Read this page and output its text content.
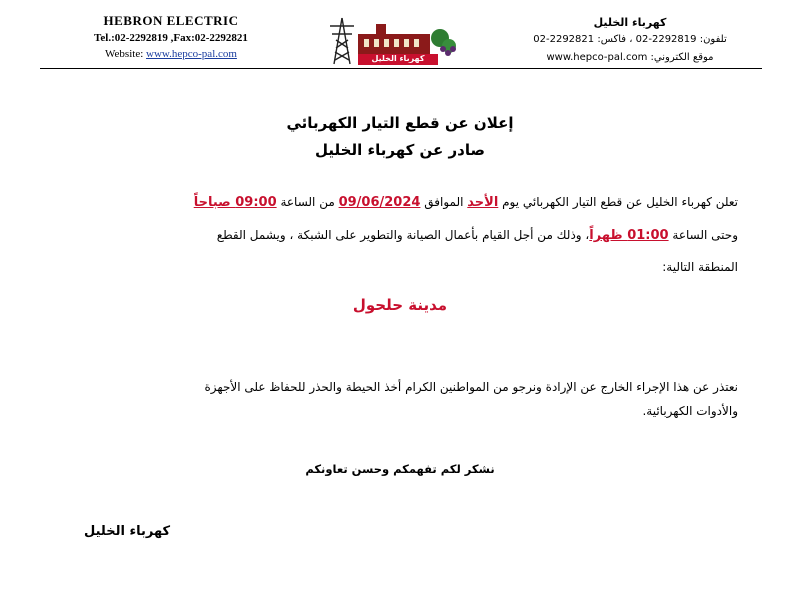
HEBRON ELECTRIC
Tel.:02-2292819 ,Fax:02-2292821
Website: www.hepco-pal.com	كهرباء الخليل
كهرباء الخليل
تلفون: 2292819-02 ، فاكس: 2292821-02
موقع الكتروني: www.hepco-pal.com
إعلان عن قطع التيار الكهربائي
صادر عن كهرباء الخليل
تعلن كهرباء الخليل عن قطع التيار الكهربائي يوم الأحد الموافق 09/06/2024 من الساعة 09:00 صباحاً
وحتى الساعة 01:00 ظهراً، وذلك من أجل القيام بأعمال الصيانة والتطوير على الشبكة ، ويشمل القطع
المنطقة التالية:
مدينة حلحول
نعتذر عن هذا الإجراء الخارج عن الإرادة ونرجو من المواطنين الكرام أخذ الحيطة والحذر للحفاظ على الأجهزة
والأدوات الكهربائية.
نشكر لكم تفهمكم وحسن تعاونكم
كهرباء الخليل
